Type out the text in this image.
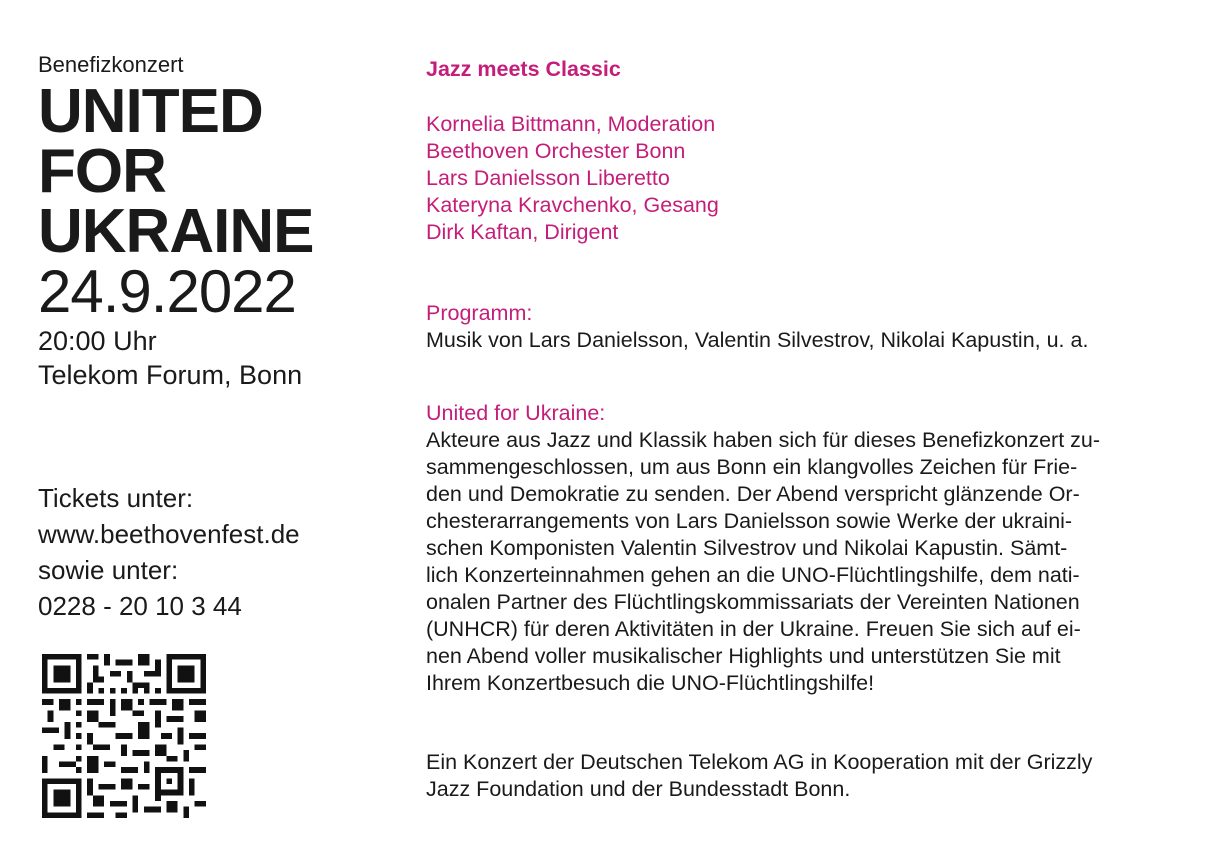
Benefizkonzert

UNITED
FOR
UKRAINE

24.9.2022

20:00 Uhr

Telekom Forum, Bonn

Tickets unter:
www.beethovenfest.de
sowie unter:
0228 - 20 10 3 44

Jazz meets Classic

Kornelia Bittmann, Moderation
Beethoven Orchester Bonn
Lars Danielsson Liberetto
Kateryna Kravchenko, Gesang
Dirk Kaftan, Dirigent

Programm:

Musik von Lars Danielsson, Valentin Silvestrov, Nikolai Kapustin, u. a.

United for Ukraine:

Akteure aus Jazz und Klassik haben sich für dieses Benefizkonzert zu-
sammengeschlossen, um aus Bonn ein klangvolles Zeichen für Frie-
den und Demokratie zu senden. Der Abend verspricht glänzende Or-
chesterarrangements von Lars Danielsson sowie Werke der ukraini-
schen Komponisten Valentin Silvestrov und Nikolai Kapustin. Sämt-
lich Konzerteinnahmen gehen an die UNO-Flüchtlingshilfe, dem nati-
onalen Partner des Flüchtlingskommissariats der Vereinten Nationen
(UNHCR) für deren Aktivitäten in der Ukraine. Freuen Sie sich auf ei-
nen Abend voller musikalischer Highlights und unterstützen Sie mit
Ihrem Konzertbesuch die UNO-Flüchtlingshilfe!

Ein Konzert der Deutschen Telekom AG in Kooperation mit der Grizzly
Jazz Foundation und der Bundesstadt Bonn.
